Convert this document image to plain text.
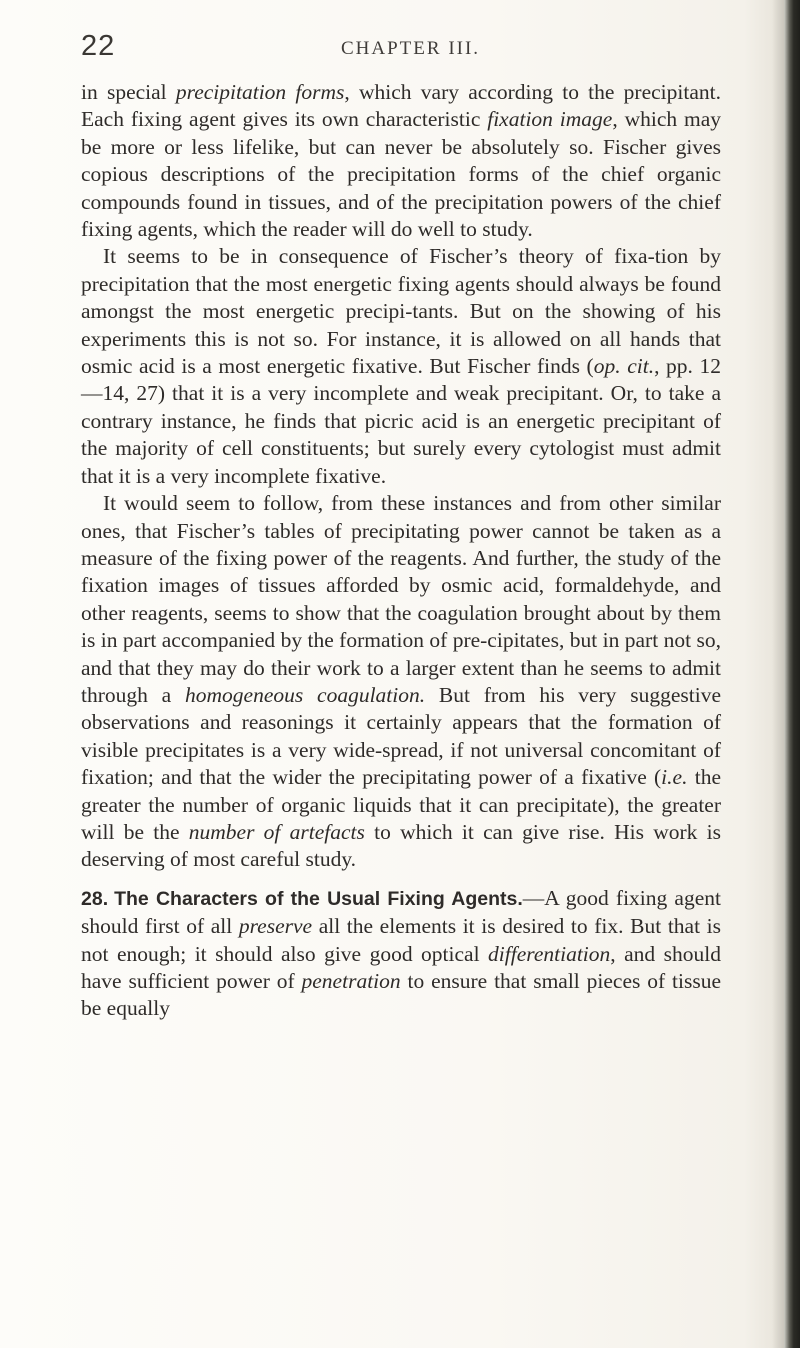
22	CHAPTER III.

in special precipitation forms, which vary according to the precipitant. Each fixing agent gives its own characteristic fixation image, which may be more or less lifelike, but can never be absolutely so. Fischer gives copious descriptions of the precipitation forms of the chief organic compounds found in tissues, and of the precipitation powers of the chief fixing agents, which the reader will do well to study.

It seems to be in consequence of Fischer’s theory of fixa-tion by precipitation that the most energetic fixing agents should always be found amongst the most energetic precipi-tants. But on the showing of his experiments this is not so. For instance, it is allowed on all hands that osmic acid is a most energetic fixative. But Fischer finds (op. cit., pp. 12 —14, 27) that it is a very incomplete and weak precipitant. Or, to take a contrary instance, he finds that picric acid is an energetic precipitant of the majority of cell constituents; but surely every cytologist must admit that it is a very incomplete fixative.

It would seem to follow, from these instances and from other similar ones, that Fischer’s tables of precipitating power cannot be taken as a measure of the fixing power of the reagents. And further, the study of the fixation images of tissues afforded by osmic acid, formaldehyde, and other reagents, seems to show that the coagulation brought about by them is in part accompanied by the formation of pre-cipitates, but in part not so, and that they may do their work to a larger extent than he seems to admit through a homogeneous coagulation. But from his very suggestive observations and reasonings it certainly appears that the formation of visible precipitates is a very wide-spread, if not universal concomitant of fixation; and that the wider the precipitating power of a fixative (i.e. the greater the number of organic liquids that it can precipitate), the greater will be the number of artefacts to which it can give rise. His work is deserving of most careful study.

28. The Characters of the Usual Fixing Agents.—A good fixing agent should first of all preserve all the elements it is desired to fix. But that is not enough; it should also give good optical differentiation, and should have sufficient power of penetration to ensure that small pieces of tissue be equally
